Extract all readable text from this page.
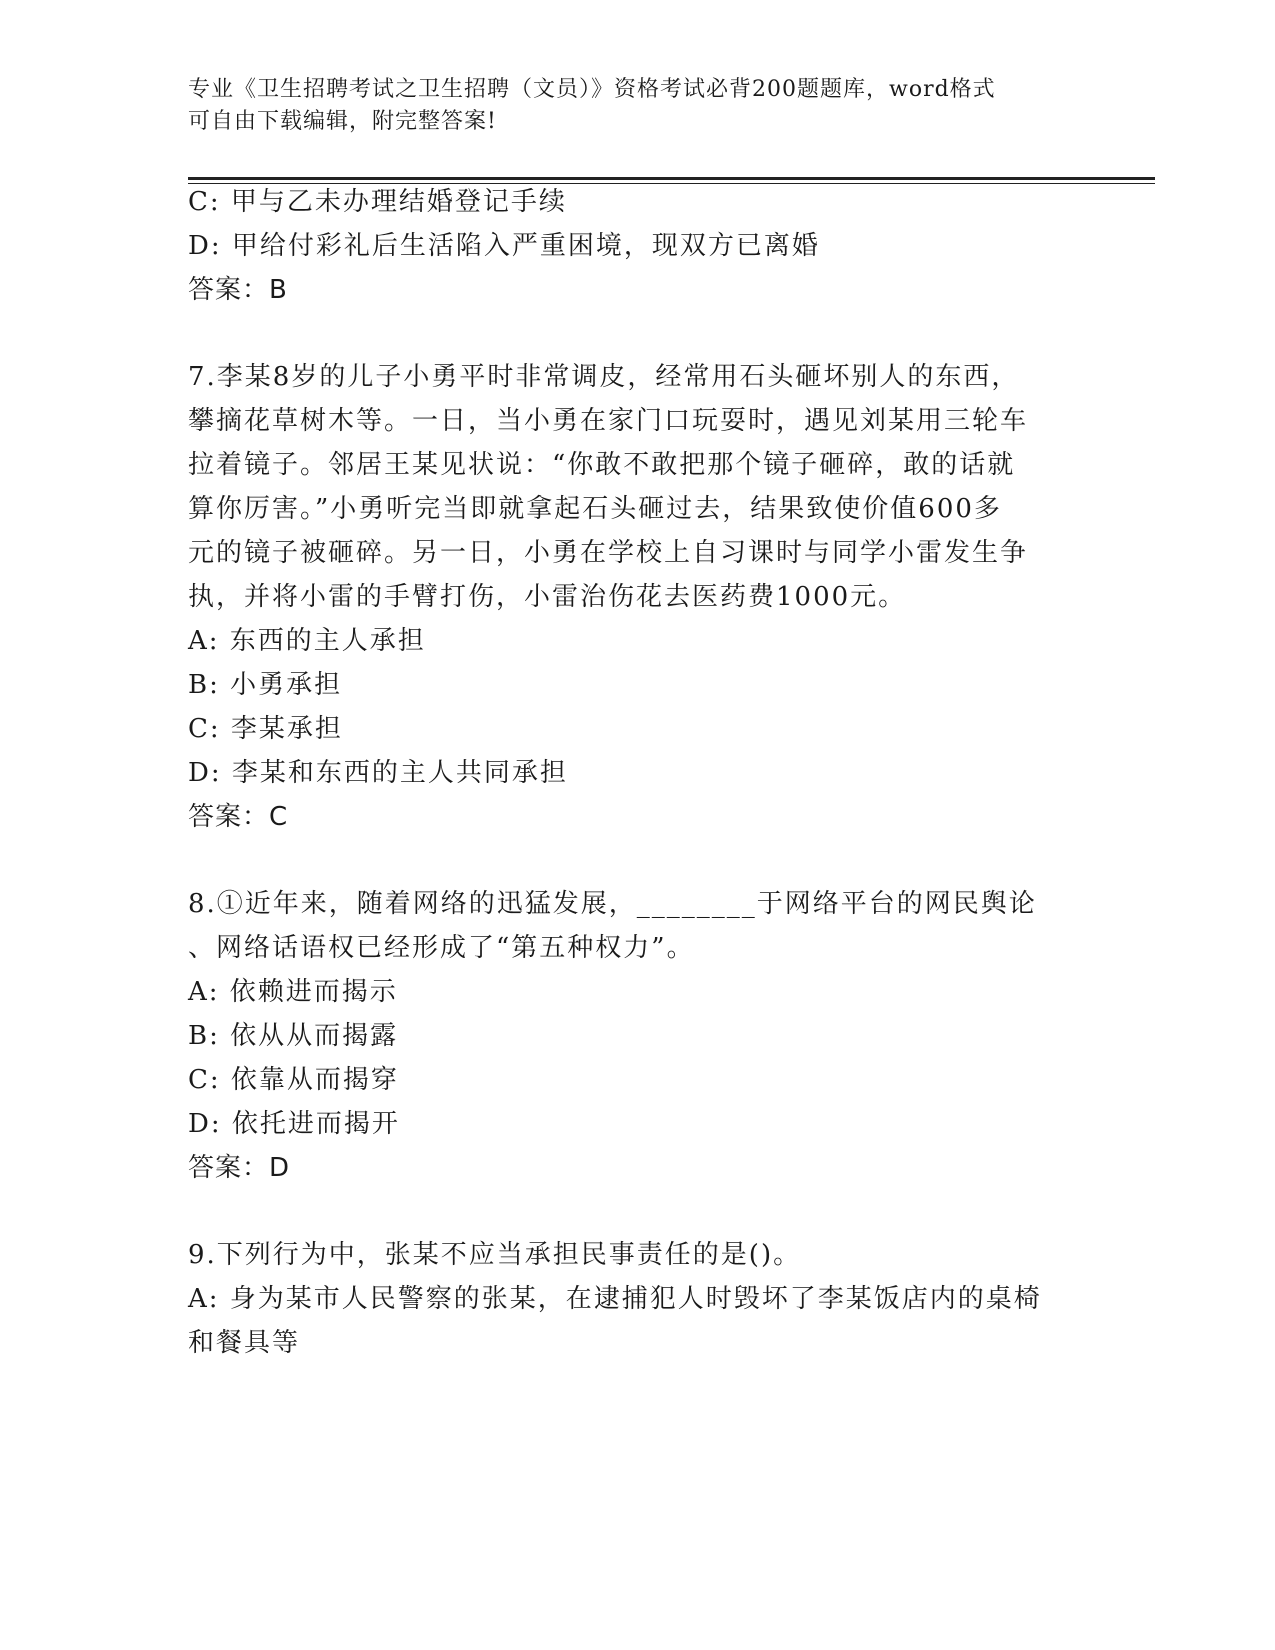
专业《卫生招聘考试之卫生招聘（文员）》资格考试必背200题题库，word格式
可自由下载编辑，附完整答案!
C: 甲与乙未办理结婚登记手续
D: 甲给付彩礼后生活陷入严重困境，现双方已离婚
答案：B
7.李某8岁的儿子小勇平时非常调皮，经常用石头砸坏别人的东西，
攀摘花草树木等。一日，当小勇在家门口玩耍时，遇见刘某用三轮车
拉着镜子。邻居王某见状说：“你敢不敢把那个镜子砸碎，敢的话就
算你厉害。”小勇听完当即就拿起石头砸过去，结果致使价值600多
元的镜子被砸碎。另一日，小勇在学校上自习课时与同学小雷发生争
执，并将小雷的手臂打伤，小雷治伤花去医药费1000元。
A: 东西的主人承担
B: 小勇承担
C: 李某承担
D: 李某和东西的主人共同承担
答案：C
8.①近年来，随着网络的迅猛发展，________于网络平台的网民舆论
、网络话语权已经形成了“第五种权力”。
A: 依赖进而揭示
B: 依从从而揭露
C: 依靠从而揭穿
D: 依托进而揭开
答案：D
9.下列行为中，张某不应当承担民事责任的是()。
A: 身为某市人民警察的张某，在逮捕犯人时毁坏了李某饭店内的桌椅
和餐具等
